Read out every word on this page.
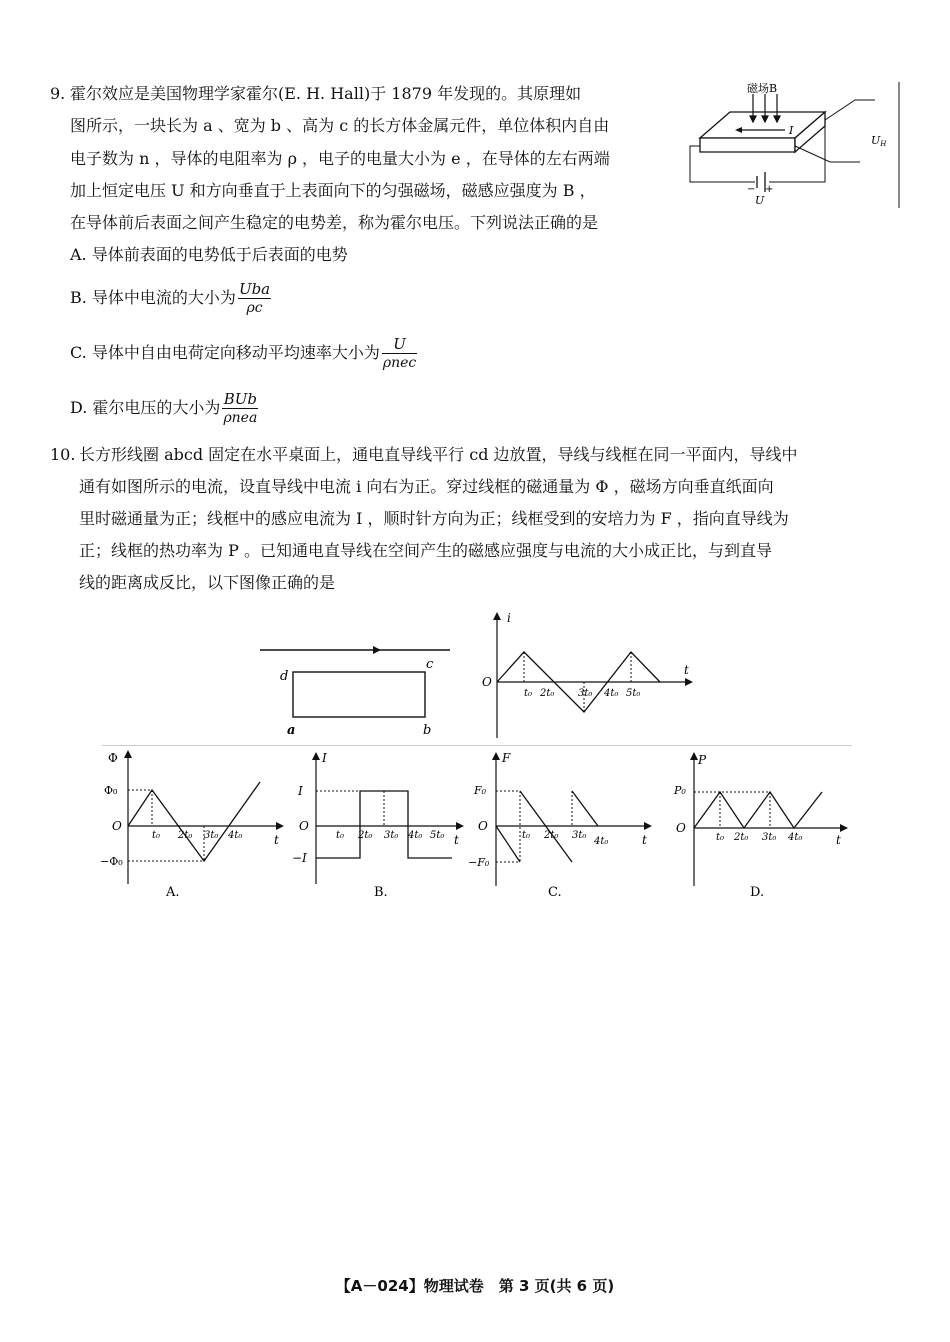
9. 霍尔效应是美国物理学家霍尔(E. H. Hall)于 1879 年发现的。其原理如
图所示，一块长为 a 、宽为 b 、高为 c 的长方体金属元件，单位体积内自由
电子数为 n ，导体的电阻率为 ρ ，电子的电量大小为 e ，在导体的左右两端
加上恒定电压 U 和方向垂直于上表面向下的匀强磁场，磁感应强度为 B ，
在导体前后表面之间产生稳定的电势差，称为霍尔电压。下列说法正确的是
A. 导体前表面的电势低于后表面的电势
B. 导体中电流的大小为 $\frac{\text{Uba}}{\rho c}$
C. 导体中自由电荷定向移动平均速率大小为 $\frac{U}{\text{ρnec}}$
D. 霍尔电压的大小为 $\frac{\text{BUb}}{\text{ρnea}}$
磁场B
I
− +
U
UH
10. 长方形线圈 abcd 固定在水平桌面上，通电直导线平行 cd 边放置，导线与线框在同一平面内，导线中
通有如图所示的电流，设直导线中电流 i 向右为正。穿过线框的磁通量为 Φ ，磁场方向垂直纸面向
里时磁通量为正；线框中的感应电流为 I ，顺时针方向为正；线框受到的安培力为 F ，指向直导线为
正；线框的热功率为 P 。已知通电直导线在空间产生的磁感应强度与电流的大小成正比，与到直导
线的距离成反比，以下图像正确的是
d
c
a	b
i
t
O
t₀ 2t₀ 3t₀ 4t₀ 5t₀
Φ
t
O
Φ₀
−Φ₀
t₀ 2t₀ 3t₀ 4t₀
A.
I
t
O
I
−I
t₀ 2t₀ 3t₀ 4t₀ 5t₀
B.
F
t
O
F₀
−F₀
t₀ 2t₀ 3t₀
4t₀
C.
P
t
O
P₀
t₀ 2t₀ 3t₀ 4t₀
D.
【A－024】物理试卷　第 3 页(共 6 页)
